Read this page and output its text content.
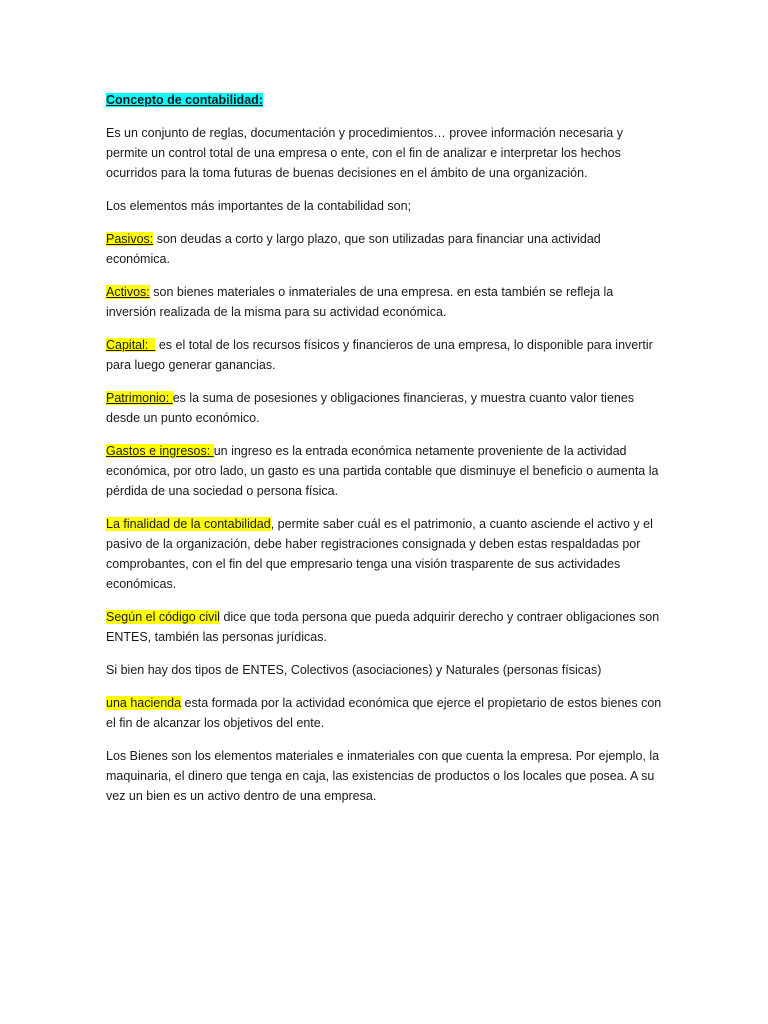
Concepto de contabilidad:

Es un conjunto de reglas, documentación y procedimientos… provee información necesaria y permite un control total de una empresa o ente, con el fin de analizar e interpretar los hechos ocurridos para la toma futuras de buenas decisiones en el ámbito de una organización.

Los elementos más importantes de la contabilidad son;

Pasivos: son deudas a corto y largo plazo, que son utilizadas para financiar una actividad económica.

Activos: son bienes materiales o inmateriales de una empresa. en esta también se refleja la inversión realizada de la misma para su actividad económica.

Capital:   es el total de los recursos físicos y financieros de una empresa, lo disponible para invertir para luego generar ganancias.

Patrimonio: es la suma de posesiones y obligaciones financieras, y muestra cuanto valor tienes desde un punto económico.

Gastos e ingresos: un ingreso es la entrada económica netamente proveniente de la actividad económica, por otro lado, un gasto es una partida contable que disminuye el beneficio o aumenta la pérdida de una sociedad o persona física.

La finalidad de la contabilidad, permite saber cuál es el patrimonio, a cuanto asciende el activo y el pasivo de la organización, debe haber registraciones consignada y deben estas respaldadas por comprobantes, con el fin del que empresario tenga una visión trasparente de sus actividades económicas.

Según el código civil dice que toda persona que pueda adquirir derecho y contraer obligaciones son ENTES, también las personas jurídicas.

Si bien hay dos tipos de ENTES, Colectivos (asociaciones) y Naturales (personas físicas)

una hacienda esta formada por la actividad económica que ejerce el propietario de estos bienes con el fin de alcanzar los objetivos del ente.

Los Bienes son los elementos materiales e inmateriales con que cuenta la empresa. Por ejemplo, la maquinaria, el dinero que tenga en caja, las existencias de productos o los locales que posea. A su vez un bien es un activo dentro de una empresa.
